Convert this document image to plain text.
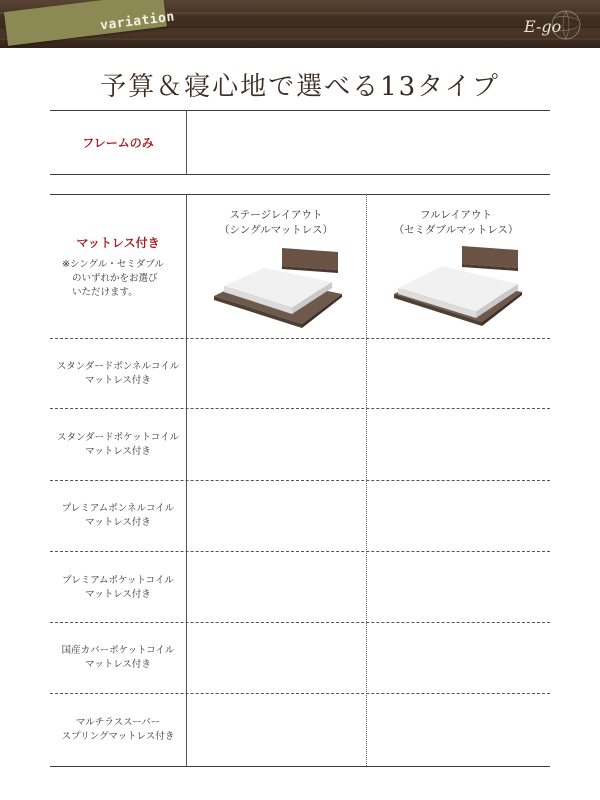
variation	E-go
予算＆寝心地で選べる13タイプ
フレームのみ
マットレス付き
※シングル・セミダブル
のいずれかをお選び
いただけます。
ステージレイアウト
（シングルマットレス）
フルレイアウト
（セミダブルマットレス）
スタンダードボンネルコイル
マットレス付き
スタンダードポケットコイル
マットレス付き
プレミアムボンネルコイル
マットレス付き
プレミアムポケットコイル
マットレス付き
国産カバーポケットコイル
マットレス付き
マルチラススーパー
スプリングマットレス付き
